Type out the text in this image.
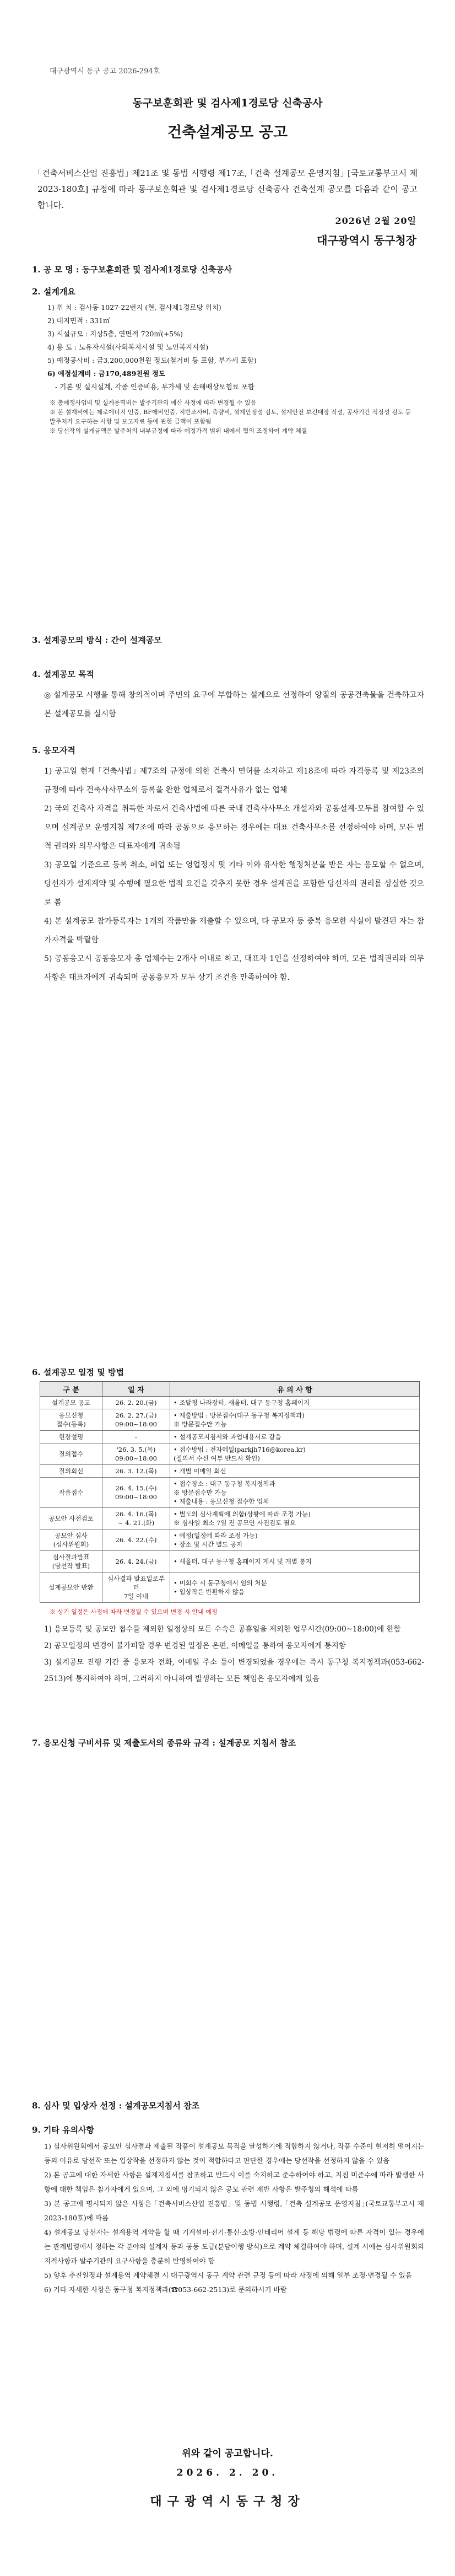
대구광역시 동구 공고 2026-294호
동구보훈회관 및 검사제1경로당 신축공사
건축설계공모 공고
｢건축서비스산업 진흥법｣ 제21조 및 동법 시행령 제17조, ｢건축 설계공모 운영지침｣ [국토교통부고시 제2023-180호] 규정에 따라 동구보훈회관 및 검사제1경로당 신축공사 건축설계 공모를 다음과 같이 공고합니다.
2026년 2월 20일
대구광역시 동구청장
1. 공 모 명 : 동구보훈회관 및 검사제1경로당 신축공사
2. 설계개요
1) 위 치 : 검사동 1027-22번지 (현, 검사제1경로당 위치)
2) 대지면적 : 331㎡
3) 시설규모 : 지상5층, 연면적 720㎡(+5%)
4) 용 도 : 노유자시설(사회복지시설 및 노인복지시설)
5) 예정공사비 : 금3,200,000천원 정도(철거비 등 포함, 부가세 포함)
6) 예정설계비 : 금170,489천원 정도
- 기본 및 실시설계, 각종 인증비용, 부가세 및 손해배상보험료 포함
※ 총예정사업비 및 설계용역비는 발주기관의 예산 사정에 따라 변경될 수 있음
※ 본 설계비에는 제로에너지 인증, BF에비인증, 지반조사비, 측량비, 설계안정성 검토, 설계안전 보건대장 작성, 공사기간 적정성 검토 등 발주처가 요구하는 사항 및 보고자료 등에 관한 금액이 포함됨
※ 당선작의 설계금액은 발주처의 내부규정에 따라 예정가격 범위 내에서 협의 조정하여 계약 체결
3. 설계공모의 방식 : 간이 설계공모
4. 설계공모 목적
◎ 설계공모 시행을 통해 창의적이며 주민의 요구에 부합하는 설계으로 선정하여 양질의 공공건축물을 건축하고자 본 설계공모를 실시함
5. 응모자격
1) 공고일 현재 ｢건축사법｣ 제7조의 규정에 의한 건축사 면허를 소지하고 제18조에 따라 자격등록 및 제23조의 규정에 따라 건축사사무소의 등록을 완한 업체로서 결격사유가 없는 업체
2) 국외 건축사 자격을 취득한 자로서 건축사법에 따른 국내 건축사사무소 개설자와 공동설계·모두를 참여할 수 있으며 설계공모 운영지침 제7조에 따라 공동으로 응모하는 경우에는 대표 건축사무소를 선정하여야 하며, 모든 법적 권리와 의무사항은 대표자에게 귀속됨
3) 공모일 기준으로 등록 취소, 폐업 또는 영업정지 및 기타 이와 유사한 행정처분을 받은 자는 응모할 수 없으며, 당선자가 설계계약 및 수행에 필요한 법적 요건을 갖추지 못한 경우 설계권을 포함한 당선자의 권리를 상실한 것으로 봄
4) 본 설계공모 참가등록자는 1개의 작품만을 제출할 수 있으며, 타 공모자 등 중복 응모한 사실이 발견된 자는 참가자격을 박탈함
5) 공동응모시 공동응모자 총 업체수는 2개사 이내로 하고, 대표자 1인을 선정하여야 하며, 모든 법적권리와 의무사항은 대표자에게 귀속되며 공동응모자 모두 상기 조건을 만족하여야 함.
6. 설계공모 일정 및 방법
구 분	일 자	유 의 사 항
설계공모 공고	26. 2. 20.(금)	• 조달청 나라장터, 새올터, 대구 동구청 홈페이지
응모신청
접수(등록)	26. 2. 27.(금)
09:00~18:00	• 제출방법 : 방문접수(대구 동구청 복지정책과)
※ 방문접수만 가능
현장설명	-	• 설계공모지침서와 과업내용서로 갈음
질의접수	'26. 3. 5.(목)
09:00~18:00	• 접수방법 : 전자메일(parkjh716@korea.kr)
(질의서 수신 여부 반드시 확인)
질의회신	26. 3. 12.(목)	• 개별 이메일 회신
작품접수	26. 4. 15.(수)
09:00~18:00	• 접수장소 : 대구 동구청 복지정책과
※ 방문접수만 가능
• 제출내용 : 응모신청 접수한 업체
공모안 사전검토	26. 4. 16.(목)
~ 4. 21.(화)	• 별도의 심사계획에 의함(상황에 따라 조정 가능)
※ 심사일 최소 7일 전 공모안 사전검토 필요
공모안 심사
(심사위원회)	26. 4. 22.(수)	• 예정(일정에 따라 조정 가능)
• 장소 및 시간 별도 공지
심사결과발표
(당선작 발표)	26. 4. 24.(금)	• 새올터, 대구 동구청 홈페이지 게시 및 개별 통지
설계공모안 반환	심사결과 발표일로부터
7일 이내	• 미회수 시 동구청에서 임의 처분
• 입상작은 반환하지 않음
※ 상기 일정은 사정에 따라 변경될 수 있으며 변경 시 안내 예정
1) 응모등록 및 공모안 접수를 제외한 일정상의 모든 수속은 공휴일을 제외한 업무시간(09:00~18:00)에 한함
2) 공모일정의 변경이 불가피할 경우 변경된 일정은 온편, 이메일을 통하여 응모자에게 통지함
3) 설계공모 진행 기간 중 응모자 전화, 이메일 주소 등이 변경되었을 경우에는 즉시 동구청 복지정책과(053-662-2513)에 통지하여야 하며, 그러하지 아니하여 발생하는 모든 책임은 응모자에게 있음
7. 응모신청 구비서류 및 제출도서의 종류와 규격 : 설계공모 지침서 참조
8. 심사 및 입상자 선정 : 설계공모지침서 참조
9. 기타 유의사항
1) 심사위원회에서 공모안 심사결과 제출된 작품이 설계공모 목적을 달성하기에 적합하지 않거나, 작품 수준이 현저히 떨어지는 등의 이유로 당선작 또는 입상작을 선정하지 않는 것이 적합하다고 판단한 경우에는 당선작을 선정하지 않을 수 있음
2) 본 공고에 대한 자세한 사항은 설계지침서를 참조하고 반드시 이를 숙지하고 준수하여야 하고, 지침 미준수에 따라 발생한 사항에 대한 책임은 참가자에게 있으며, 그 외에 명기되지 않은 공모 관련 제반 사항은 발주청의 해석에 따름
3) 본 공고에 명시되지 않은 사항은 ｢건축서비스산업 진흥법｣ 및 동법 시행령, ｢건축 설계공모 운영지침｣(국토교통부고시 제2023-180호)에 따름
4) 설계공모 당선자는 설계용역 계약을 할 때 기계설비·전기·통신·소방·인테리어 설계 등 해당 법령에 따른 자격이 있는 경우에는 관계법령에서 정하는 각 분야의 설계자 등과 공동 도급(분담이행 방식)으로 계약 체결하여야 하며, 설계 시에는 심사위원회의 지적사항과 발주기관의 요구사항을 충분히 반영하여야 함
5) 향후 추진일정과 설계용역 계약체결 시 대구광역시 동구 계약 관련 규정 등에 따라 사정에 의해 일부 조정·변경될 수 있음
6) 기타 자세한 사항은 동구청 복지정책과(☎053-662-2513)로 문의하시기 바람
위와 같이 공고합니다.
2026. 2. 20.
대구광역시동구청장
